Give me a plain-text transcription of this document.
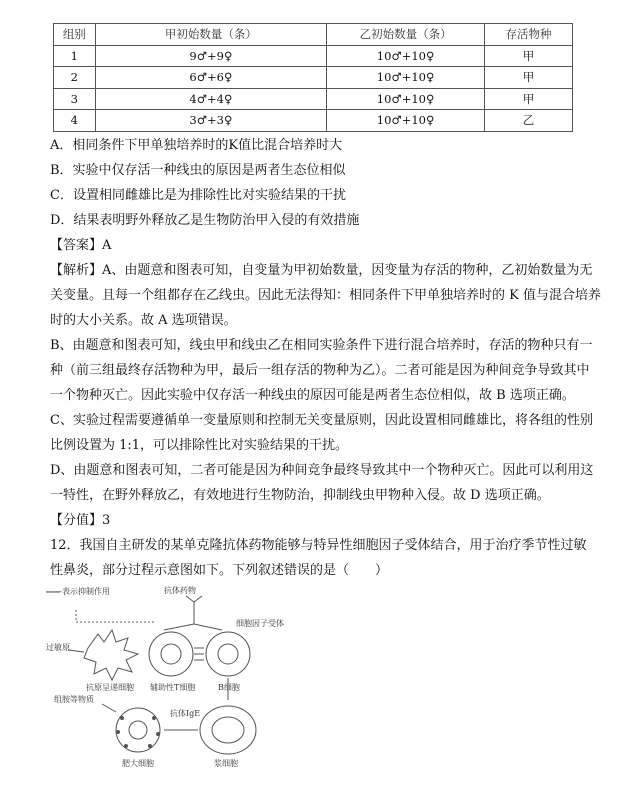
组别	甲初始数量（条）	乙初始数量（条）	存活物种
1	9♂+9♀	10♂+10♀	甲
2	6♂+6♀	10♂+10♀	甲
3	4♂+4♀	10♂+10♀	甲
4	3♂+3♀	10♂+10♀	乙
A．相同条件下甲单独培养时的K值比混合培养时大
B．实验中仅存活一种线虫的原因是两者生态位相似
C．设置相同雌雄比是为排除性比对实验结果的干扰
D．结果表明野外释放乙是生物防治甲入侵的有效措施
【答案】A
【解析】A、由题意和图表可知，自变量为甲初始数量，因变量为存活的物种，乙初始数量为无
关变量。且每一个组都存在乙线虫。因此无法得知：相同条件下甲单独培养时的 K 值与混合培养
时的大小关系。故 A 选项错误。
B、由题意和图表可知，线虫甲和线虫乙在相同实验条件下进行混合培养时，存活的物种只有一
种（前三组最终存活物种为甲，最后一组存活的物种为乙）。二者可能是因为种间竞争导致其中
一个物种灭亡。因此实验中仅存活一种线虫的原因可能是两者生态位相似，故 B 选项正确。
C、实验过程需要遵循单一变量原则和控制无关变量原则，因此设置相同雌雄比，将各组的性别
比例设置为 1:1，可以排除性比对实验结果的干扰。
D、由题意和图表可知，二者可能是因为种间竞争最终导致其中一个物种灭亡。因此可以利用这
一特性，在野外释放乙，有效地进行生物防治，抑制线虫甲物种入侵。故 D 选项正确。
【分值】3
12．我国自主研发的某单克隆抗体药物能够与特异性细胞因子受体结合，用于治疗季节性过敏
性鼻炎，部分过程示意图如下。下列叙述错误的是（　　）
——表示抑制作用	抗体药物
细胞因子受体
过敏原
抗原呈递细胞 辅助性T细胞	B细胞
抗体IgE
组胺等物质
肥大细胞	浆细胞
